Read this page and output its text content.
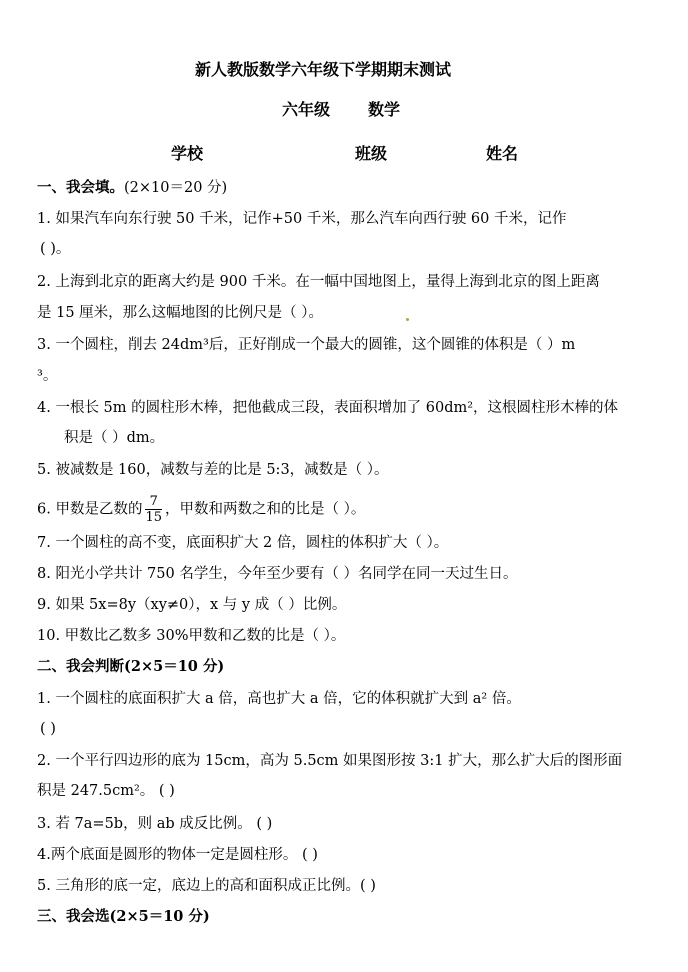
新人教版数学六年级下学期期末测试
六年级 数学
学校	班级	姓名
一、我会填。(2×10＝20 分)
1. 如果汽车向东行驶 50 千米，记作+50 千米，那么汽车向西行驶 60 千米，记作
( )。
2. 上海到北京的距离大约是 900 千米。在一幅中国地图上，量得上海到北京的图上距离
是 15 厘米，那么这幅地图的比例尺是（ ）。
3. 一个圆柱，削去 24dm³后，正好削成一个最大的圆锥，这个圆锥的体积是（ ）m
³。
4. 一根长 5m 的圆柱形木棒，把他截成三段，表面积增加了 60dm²，这根圆柱形木棒的体
积是（ ）dm。
5. 被减数是 160，减数与差的比是 5:3，减数是（ ）。
6. 甲数是乙数的 $\frac{7}{15}$ ，甲数和两数之和的比是（ ）。
7. 一个圆柱的高不变，底面积扩大 2 倍，圆柱的体积扩大（ ）。
8. 阳光小学共计 750 名学生，今年至少要有（ ）名同学在同一天过生日。
9. 如果 5x=8y（xy≠0），x 与 y 成（ ）比例。
10. 甲数比乙数多 30%甲数和乙数的比是（ ）。
二、我会判断(2×5＝10 分)
1. 一个圆柱的底面积扩大 a 倍，高也扩大 a 倍，它的体积就扩大到 a² 倍。
( )
2. 一个平行四边形的底为 15cm，高为 5.5cm 如果图形按 3:1 扩大，那么扩大后的图形面
积是 247.5cm²。 ( )
3. 若 7a=5b，则 ab 成反比例。 ( )
4.两个底面是圆形的物体一定是圆柱形。 ( )
5. 三角形的底一定，底边上的高和面积成正比例。( )
三、我会选(2×5＝10 分)
